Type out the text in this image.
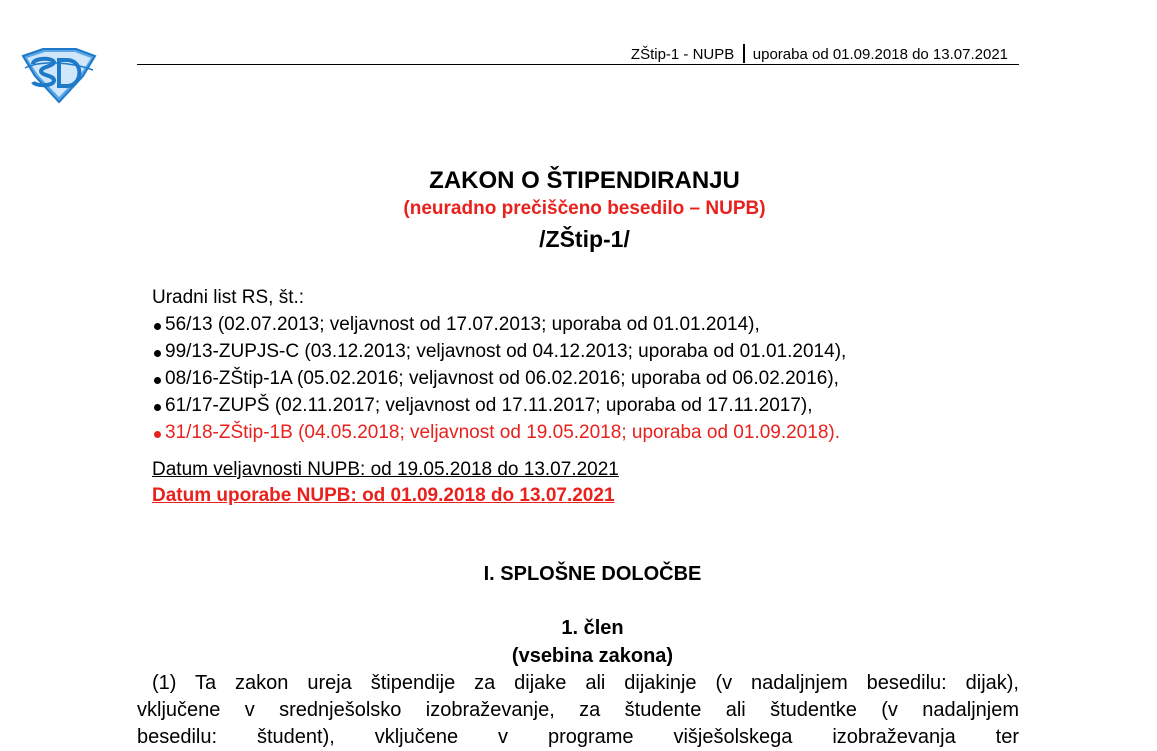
ZŠtip-1 - NUPB uporaba od 01.09.2018 do 13.07.2021
ZAKON O ŠTIPENDIRANJU
(neuradno prečiščeno besedilo – NUPB)
/ZŠtip-1/
Uradni list RS, št.:
56/13 (02.07.2013; veljavnost od 17.07.2013; uporaba od 01.01.2014),
99/13-ZUPJS-C (03.12.2013; veljavnost od 04.12.2013; uporaba od 01.01.2014),
08/16-ZŠtip-1A (05.02.2016; veljavnost od 06.02.2016; uporaba od 06.02.2016),
61/17-ZUPŠ (02.11.2017; veljavnost od 17.11.2017; uporaba od 17.11.2017),
31/18-ZŠtip-1B (04.05.2018; veljavnost od 19.05.2018; uporaba od 01.09.2018).
Datum veljavnosti NUPB: od 19.05.2018 do 13.07.2021
Datum uporabe NUPB: od 01.09.2018 do 13.07.2021
I. SPLOŠNE DOLOČBE
1. člen
(vsebina zakona)
(1) Ta zakon ureja štipendije za dijake ali dijakinje (v nadaljnjem besedilu: dijak),
vključene v srednješolsko izobraževanje, za študente ali študentke (v nadaljnjem
besedilu: študent), vključene v programe višješolskega izobraževanja ter
